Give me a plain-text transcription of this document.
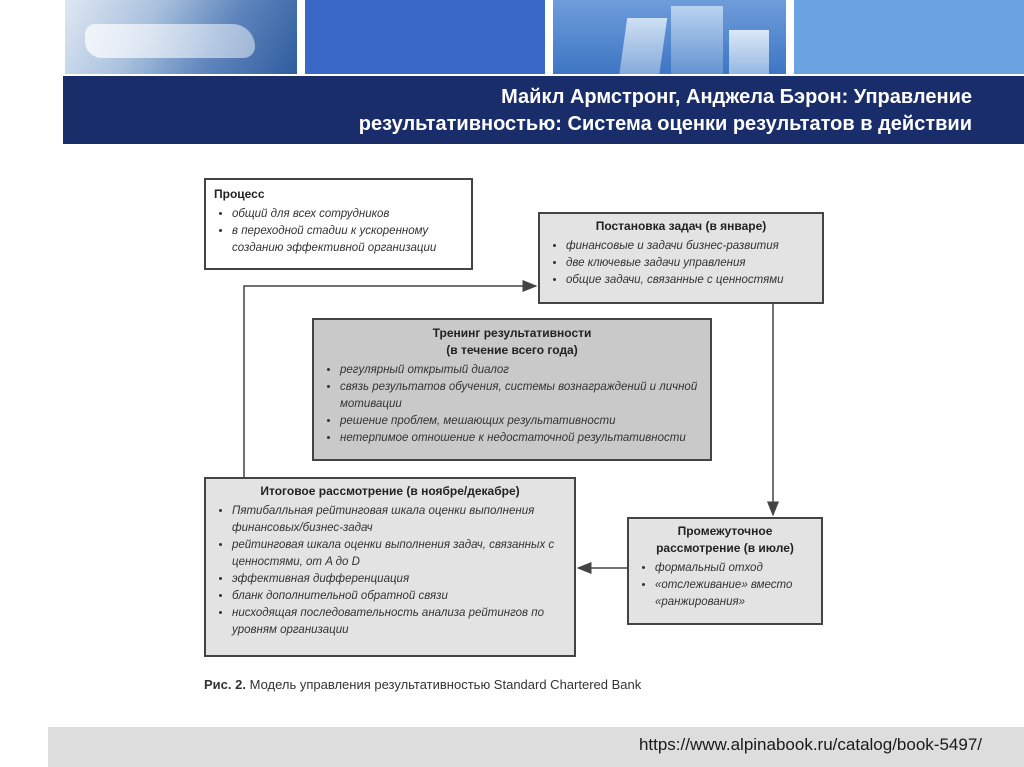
Майкл Армстронг, Анджела Бэрон: Управление
результативностью: Система оценки результатов в действии
Процесс
• общий для всех сотрудников
• в переходной стадии к ускоренному созданию эффективной организации
Постановка задач (в январе)
• финансовые и задачи бизнес-развития
• две ключевые задачи управления
• общие задачи, связанные с ценностями
Тренинг результативности
(в течение всего года)
• регулярный открытый диалог
• связь результатов обучения, системы вознаграждений и личной мотивации
• решение проблем, мешающих результативности
• нетерпимое отношение к недостаточной результативности
Итоговое рассмотрение (в ноябре/декабре)
• Пятибалльная рейтинговая шкала оценки выполнения финансовых/бизнес-задач
• рейтинговая шкала оценки выполнения задач, связанных с ценностями, от A до D
• эффективная дифференциация
• бланк дополнительной обратной связи
• нисходящая последовательность анализа рейтингов по уровням организации
Промежуточное
рассмотрение (в июле)
• формальный отход
• «отслеживание» вместо «ранжирования»
Рис. 2. Модель управления результативностью Standard Chartered Bank
https://www.alpinabook.ru/catalog/book-5497/
